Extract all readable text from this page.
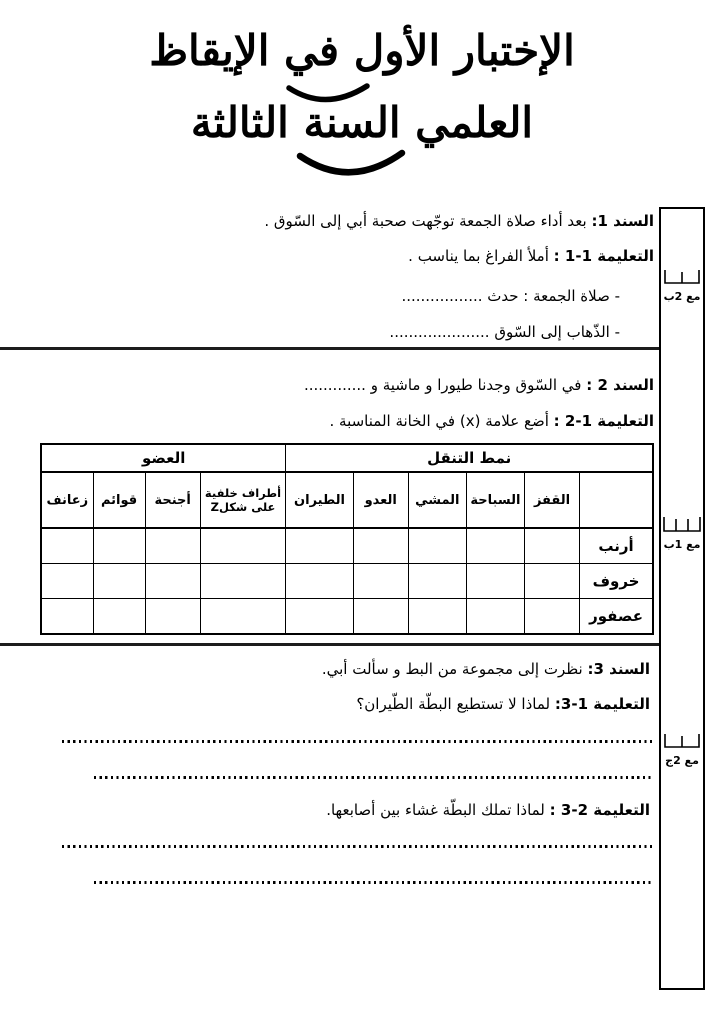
الإختبار الأول في الإيقاظ
العلمي السنة الثالثة
السند 1: بعد أداء صلاة الجمعة توجّهت صحبة أبي إلى السّوق .
التعليمة 1-1 : أملأ الفراغ بما يناسب .
- صلاة الجمعة : حدث .................
- الذّهاب إلى السّوق .....................
السند 2 : في السّوق وجدنا طيورا و ماشية و .............
التعليمة 1-2 : أضع علامة (x) في الخانة المناسبة .
نمط التنقل						العضو			
	القفز	السباحة	المشي	العدو	الطيران	أطراف خلفية على شكلZ	أجنحة	قوائم	زعانف
أرنب									
خروف									
عصفور									
السند 3: نظرت إلى مجموعة من البط و سألت أبي.
التعليمة 1-3: لماذا لا تستطيع البطّة الطّيران؟
التعليمة 2-3 : لماذا تملك البطّة غشاء بين أصابعها.
مع 2ب
مع 1ب
مع 2ج
